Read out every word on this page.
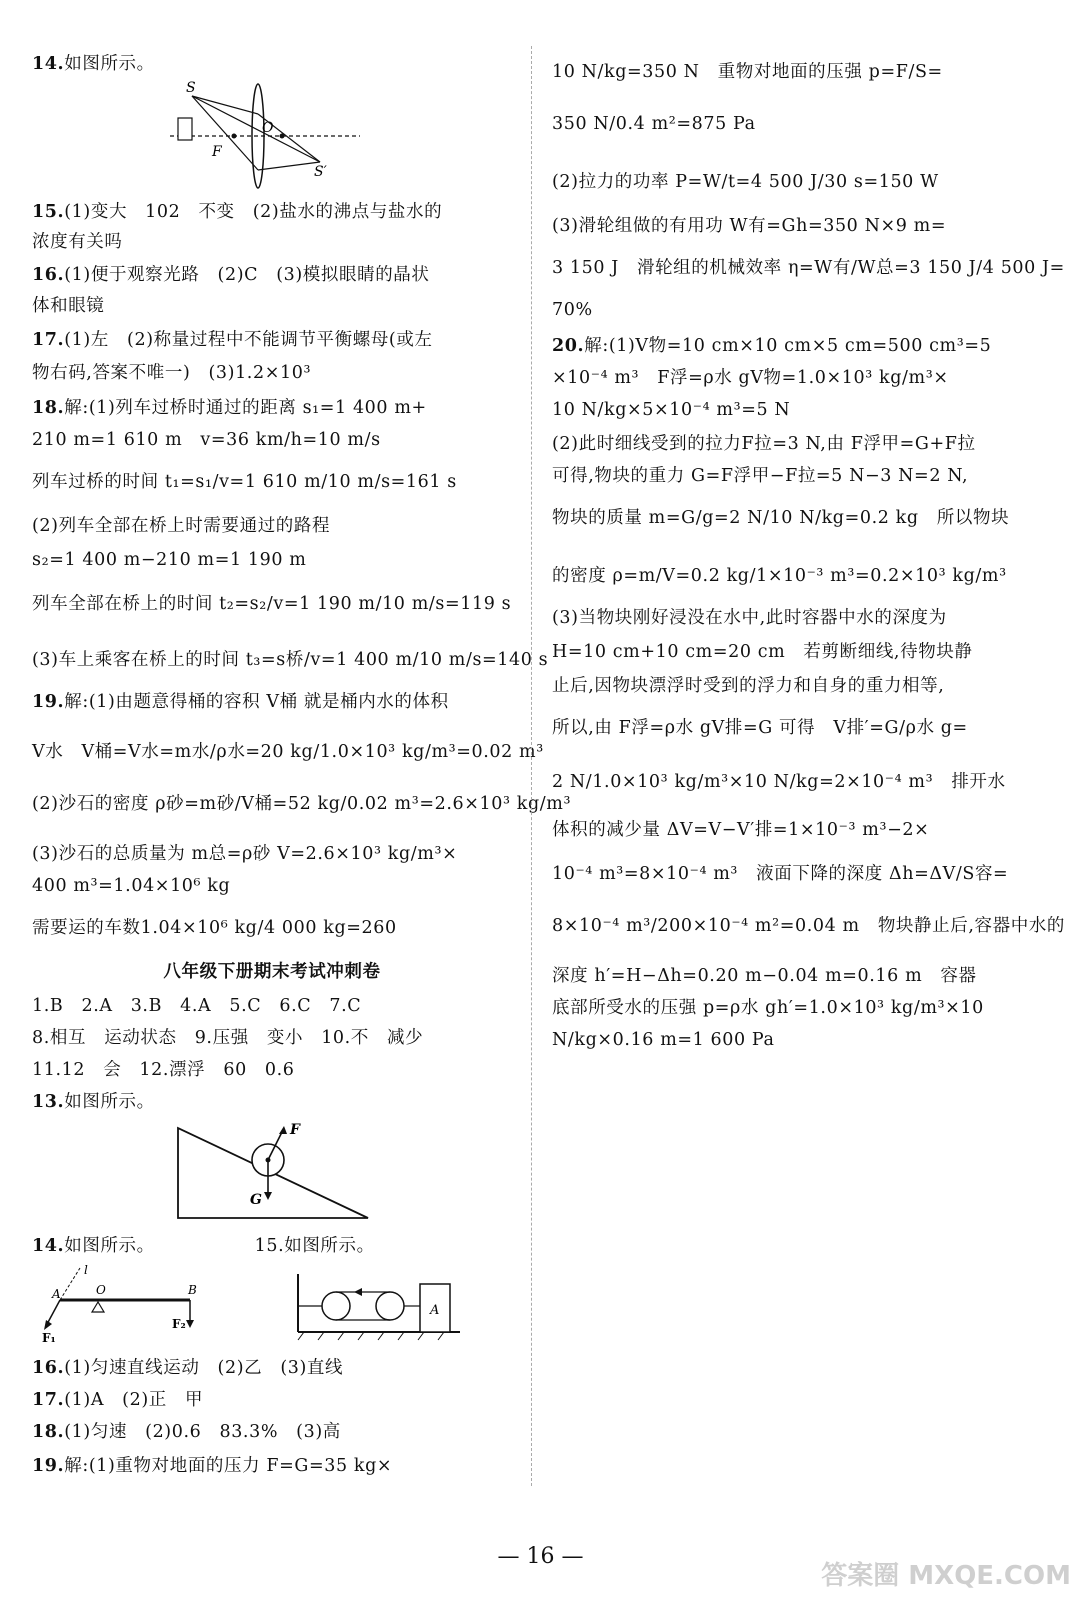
14.如图所示。
15.(1)变大　102　不变　(2)盐水的沸点与盐水的
浓度有关吗
16.(1)便于观察光路　(2)C　(3)模拟眼睛的晶状
体和眼镜
17.(1)左　(2)称量过程中不能调节平衡螺母(或左
物右码,答案不唯一)　(3)1.2×10³
18.解:(1)列车过桥时通过的距离 s₁=1 400 m+
210 m=1 610 m　v=36 km/h=10 m/s
列车过桥的时间 t₁=s₁/v=1 610 m/10 m/s=161 s
(2)列车全部在桥上时需要通过的路程
s₂=1 400 m−210 m=1 190 m
列车全部在桥上的时间 t₂=s₂/v=1 190 m/10 m/s=119 s
(3)车上乘客在桥上的时间 t₃=s桥/v=1 400 m/10 m/s=140 s
19.解:(1)由题意得桶的容积 V桶 就是桶内水的体积
V水　V桶=V水=m水/ρ水=20 kg/1.0×10³ kg/m³=0.02 m³
(2)沙石的密度 ρ砂=m砂/V桶=52 kg/0.02 m³=2.6×10³ kg/m³
(3)沙石的总质量为 m总=ρ砂 V=2.6×10³ kg/m³×
400 m³=1.04×10⁶ kg
需要运的车数1.04×10⁶ kg/4 000 kg=260
八年级下册期末考试冲刺卷
1.B　2.A　3.B　4.A　5.C　6.C　7.C
8.相互　运动状态　9.压强　变小　10.不　减少
11.12　会　12.漂浮　60　0.6
13.如图所示。
14.如图所示。　　　　　　15.如图所示。
16.(1)匀速直线运动　(2)乙　(3)直线
17.(1)A　(2)正　甲
18.(1)匀速　(2)0.6　83.3%　(3)高
19.解:(1)重物对地面的压力 F=G=35 kg×
10 N/kg=350 N　重物对地面的压强 p=F/S=
350 N/0.4 m²=875 Pa
(2)拉力的功率 P=W/t=4 500 J/30 s=150 W
(3)滑轮组做的有用功 W有=Gh=350 N×9 m=
3 150 J　滑轮组的机械效率 η=W有/W总=3 150 J/4 500 J=
70%
20.解:(1)V物=10 cm×10 cm×5 cm=500 cm³=5
×10⁻⁴ m³　F浮=ρ水 gV物=1.0×10³ kg/m³×
10 N/kg×5×10⁻⁴ m³=5 N
(2)此时细线受到的拉力F拉=3 N,由 F浮甲=G+F拉
可得,物块的重力 G=F浮甲−F拉=5 N−3 N=2 N,
物块的质量 m=G/g=2 N/10 N/kg=0.2 kg　所以物块
的密度 ρ=m/V=0.2 kg/1×10⁻³ m³=0.2×10³ kg/m³
(3)当物块刚好浸没在水中,此时容器中水的深度为
H=10 cm+10 cm=20 cm　若剪断细线,待物块静
止后,因物块漂浮时受到的浮力和自身的重力相等,
所以,由 F浮=ρ水 gV排=G 可得　V排′=G/ρ水 g=
2 N/1.0×10³ kg/m³×10 N/kg=2×10⁻⁴ m³　排开水
体积的减少量 ΔV=V−V′排=1×10⁻³ m³−2×
10⁻⁴ m³=8×10⁻⁴ m³　液面下降的深度 Δh=ΔV/S容=
8×10⁻⁴ m³/200×10⁻⁴ m²=0.04 m　物块静止后,容器中水的
深度 h′=H−Δh=0.20 m−0.04 m=0.16 m　容器
底部所受水的压强 p=ρ水 gh′=1.0×10³ kg/m³×10
N/kg×0.16 m=1 600 Pa
S
O
F
S′
F
G
l
A	O	B
F₁
F₂
A
— 16 —
答案圈 MXQE.COM
